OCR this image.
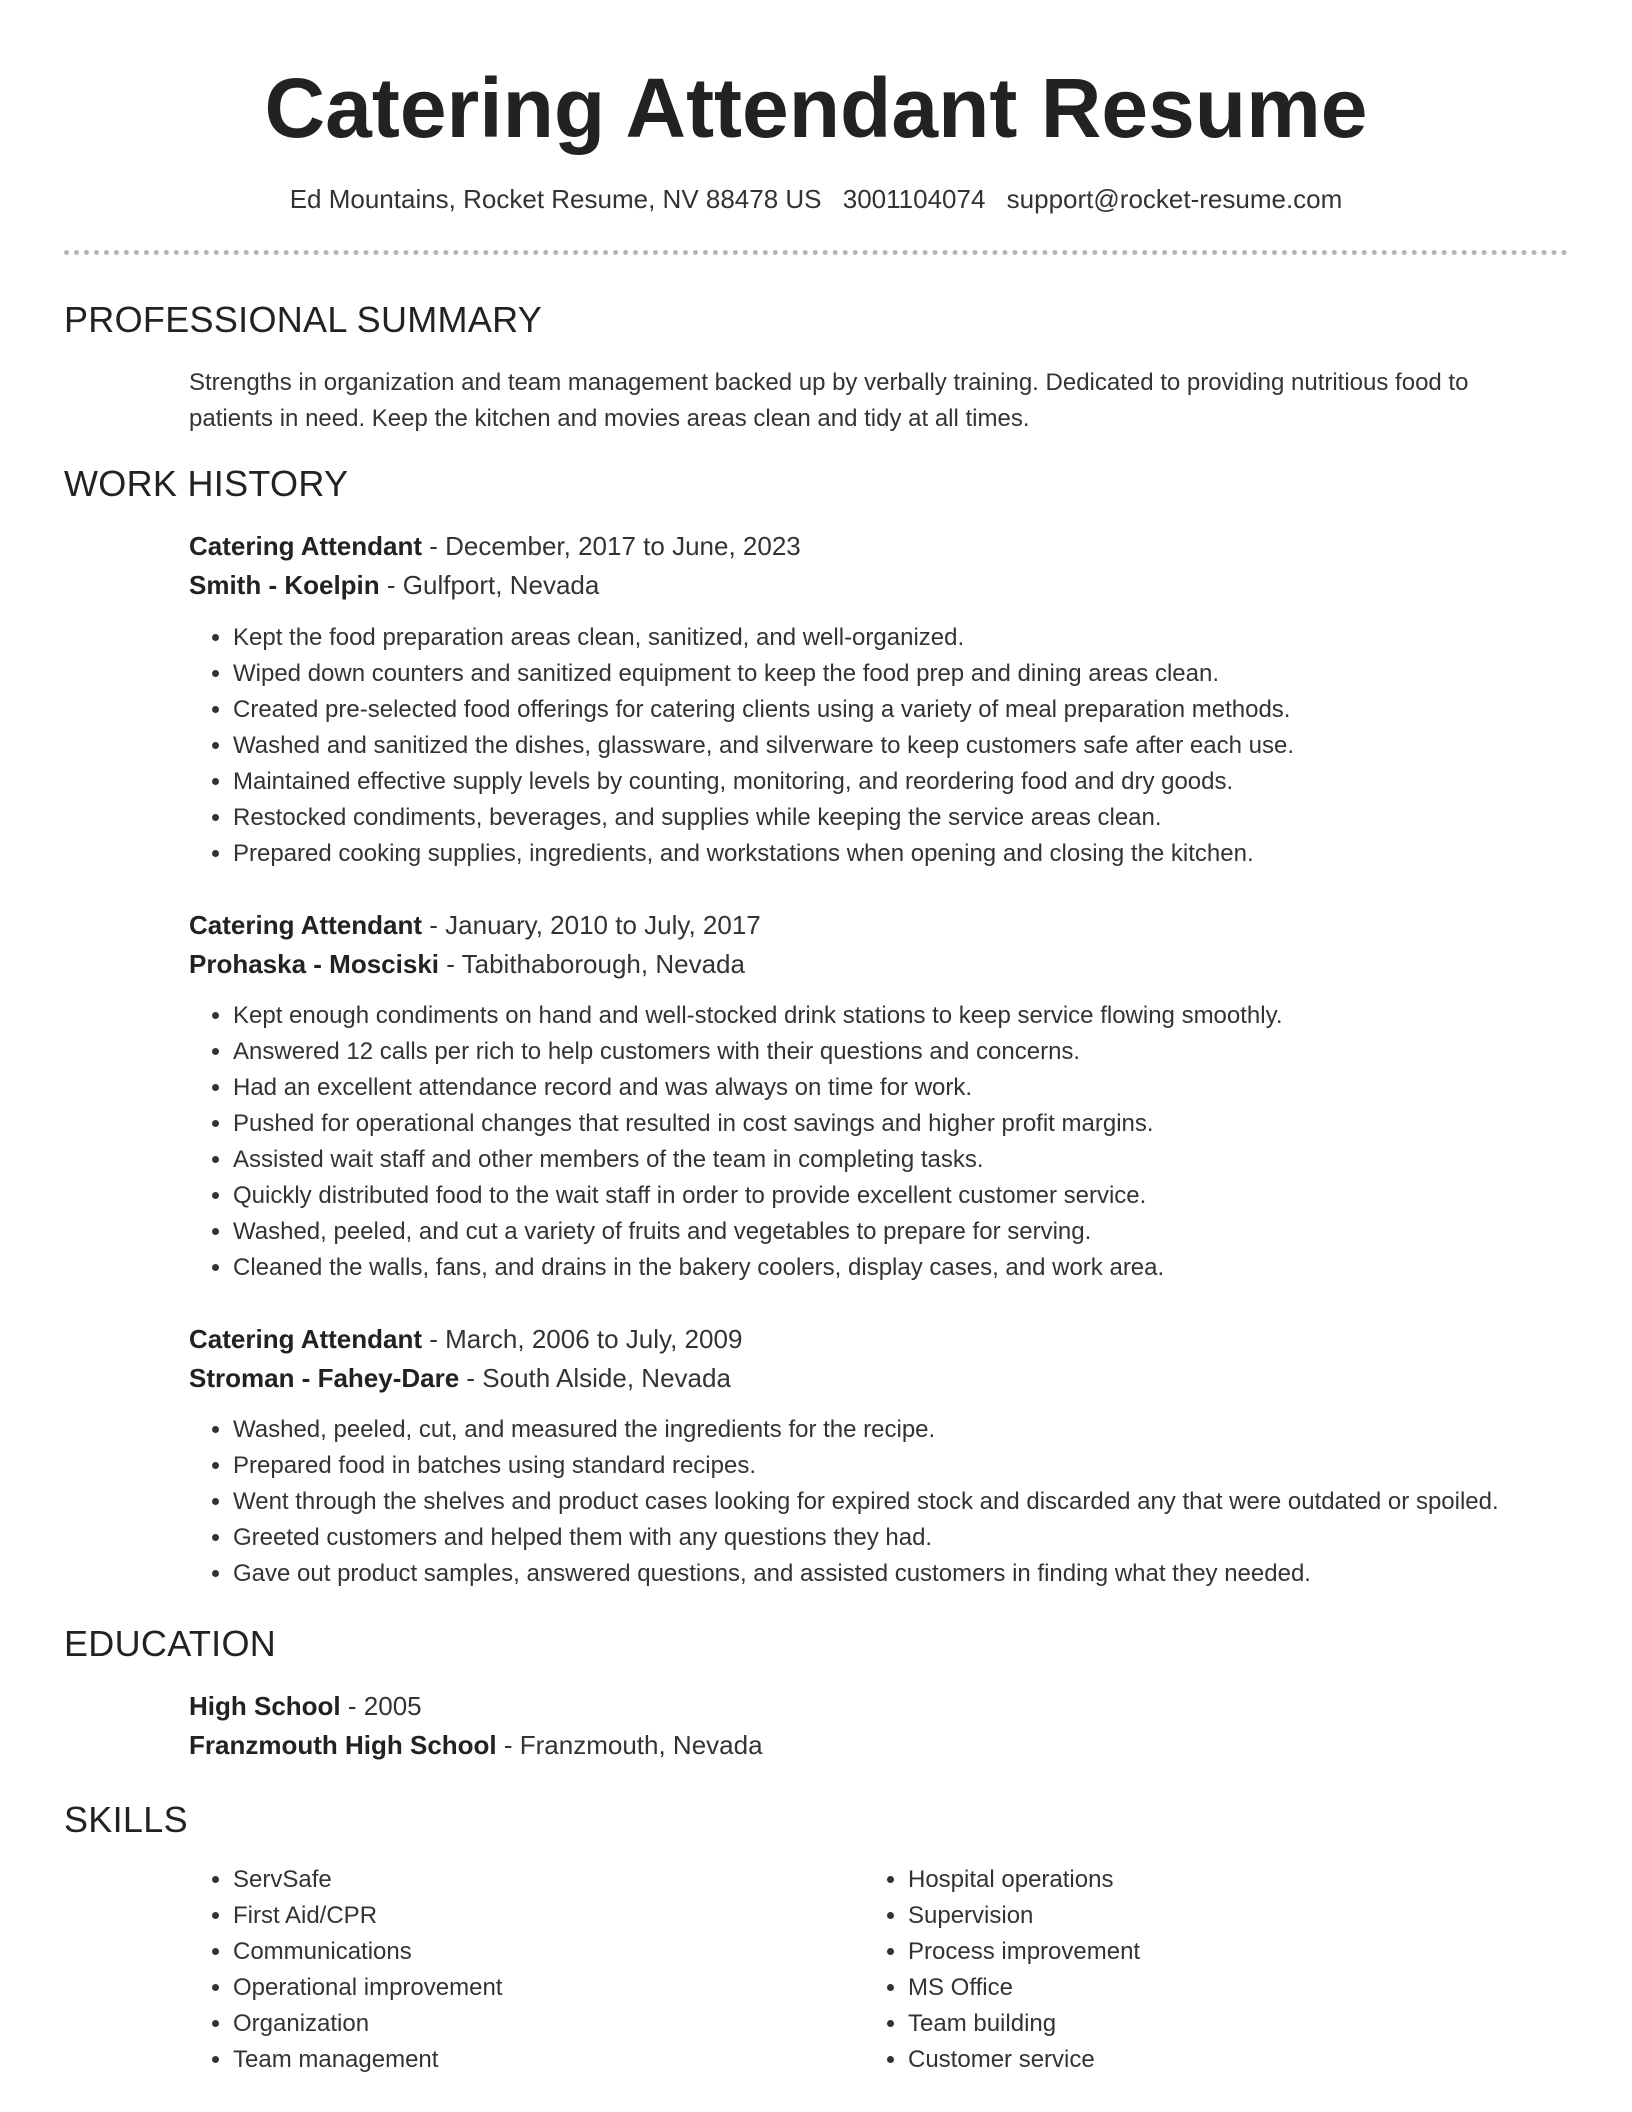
Catering Attendant Resume
Ed Mountains, Rocket Resume, NV 88478 US 3001104074 support@rocket-resume.com
PROFESSIONAL SUMMARY
Strengths in organization and team management backed up by verbally training. Dedicated to providing nutritious food to patients in need. Keep the kitchen and movies areas clean and tidy at all times.
WORK HISTORY
Catering Attendant - December, 2017 to June, 2023
Smith - Koelpin - Gulfport, Nevada
• Kept the food preparation areas clean, sanitized, and well-organized.
• Wiped down counters and sanitized equipment to keep the food prep and dining areas clean.
• Created pre-selected food offerings for catering clients using a variety of meal preparation methods.
• Washed and sanitized the dishes, glassware, and silverware to keep customers safe after each use.
• Maintained effective supply levels by counting, monitoring, and reordering food and dry goods.
• Restocked condiments, beverages, and supplies while keeping the service areas clean.
• Prepared cooking supplies, ingredients, and workstations when opening and closing the kitchen.
Catering Attendant - January, 2010 to July, 2017
Prohaska - Mosciski - Tabithaborough, Nevada
• Kept enough condiments on hand and well-stocked drink stations to keep service flowing smoothly.
• Answered 12 calls per rich to help customers with their questions and concerns.
• Had an excellent attendance record and was always on time for work.
• Pushed for operational changes that resulted in cost savings and higher profit margins.
• Assisted wait staff and other members of the team in completing tasks.
• Quickly distributed food to the wait staff in order to provide excellent customer service.
• Washed, peeled, and cut a variety of fruits and vegetables to prepare for serving.
• Cleaned the walls, fans, and drains in the bakery coolers, display cases, and work area.
Catering Attendant - March, 2006 to July, 2009
Stroman - Fahey-Dare - South Alside, Nevada
• Washed, peeled, cut, and measured the ingredients for the recipe.
• Prepared food in batches using standard recipes.
• Went through the shelves and product cases looking for expired stock and discarded any that were outdated or spoiled.
• Greeted customers and helped them with any questions they had.
• Gave out product samples, answered questions, and assisted customers in finding what they needed.
EDUCATION
High School - 2005
Franzmouth High School - Franzmouth, Nevada
SKILLS
• ServSafe
• First Aid/CPR
• Communications
• Operational improvement
• Organization
• Team management
• Hospital operations
• Supervision
• Process improvement
• MS Office
• Team building
• Customer service
